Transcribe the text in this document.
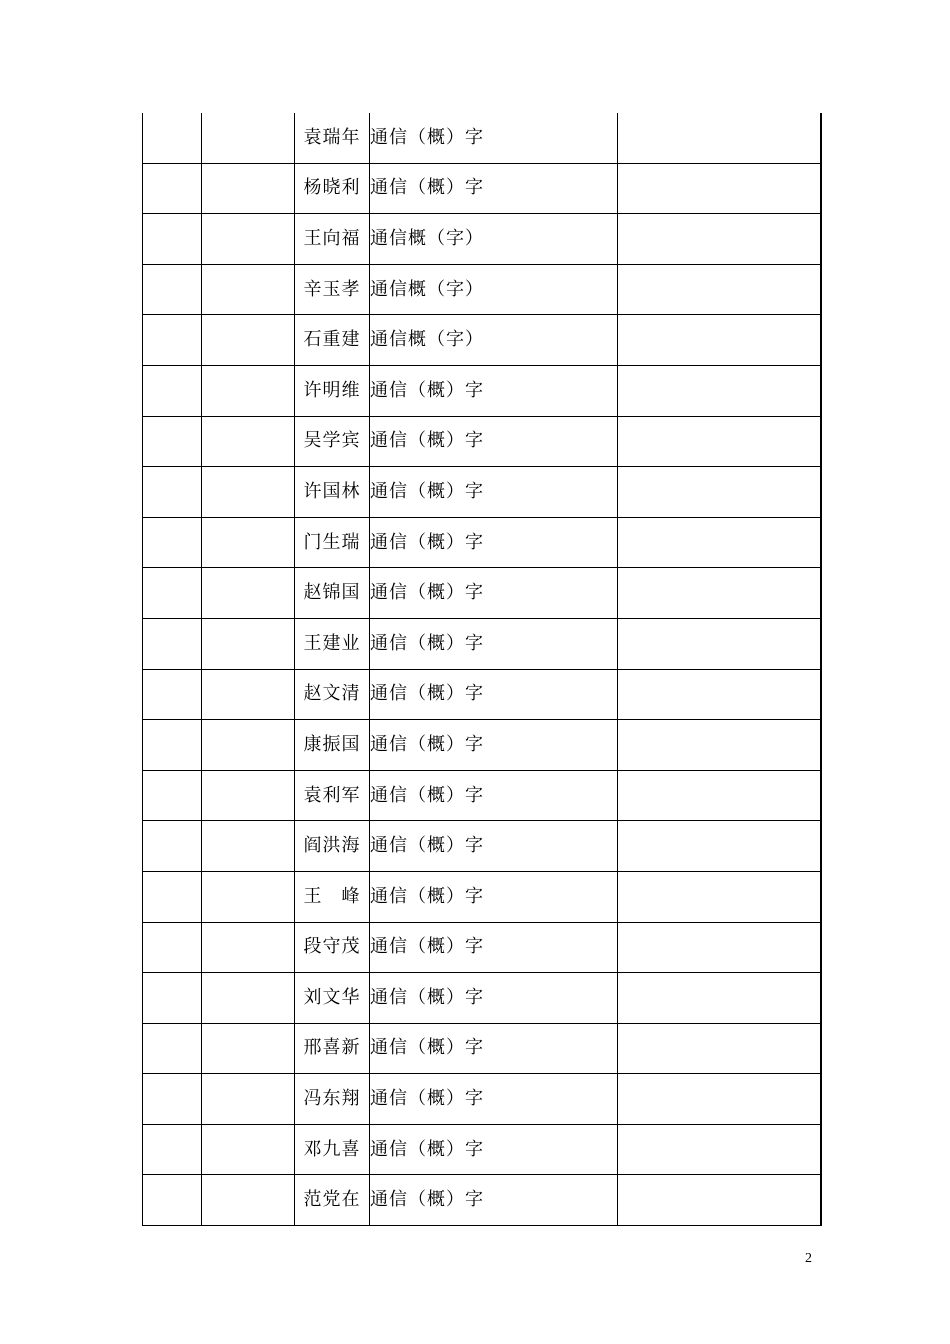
		袁瑞年	通信（概）字	
		杨晓利	通信（概）字	
		王向福	通信概（字）	
		辛玉孝	通信概（字）	
		石重建	通信概（字）	
		许明维	通信（概）字	
		吴学宾	通信（概）字	
		许国林	通信（概）字	
		门生瑞	通信（概）字	
		赵锦国	通信（概）字	
		王建业	通信（概）字	
		赵文清	通信（概）字	
		康振国	通信（概）字	
		袁利军	通信（概）字	
		阎洪海	通信（概）字	
		王　峰	通信（概）字	
		段守茂	通信（概）字	
		刘文华	通信（概）字	
		邢喜新	通信（概）字	
		冯东翔	通信（概）字	
		邓九喜	通信（概）字	
		范党在	通信（概）字	
2
